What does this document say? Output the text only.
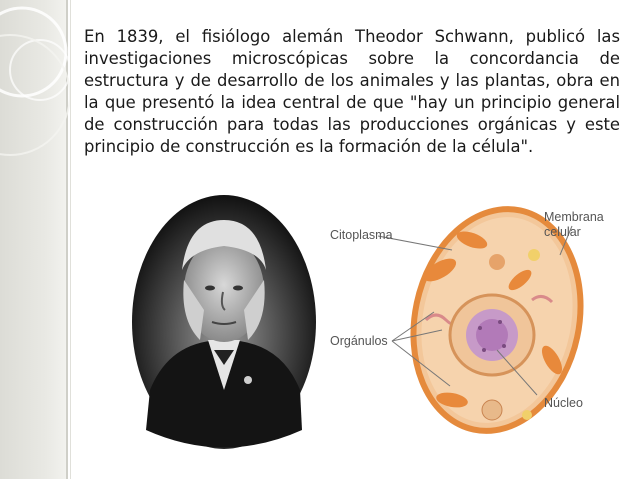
En 1839, el fisiólogo alemán Theodor Schwann, publicó las investigaciones microscópicas sobre la concordancia de estructura y de desarrollo de los animales y las plantas, obra en la que presentó la idea central de que "hay un principio general de construcción para todas las producciones orgánicas y este principio de construcción es la formación de la célula".

Citoplasma
Membrana
celular
Orgánulos
Núcleo
